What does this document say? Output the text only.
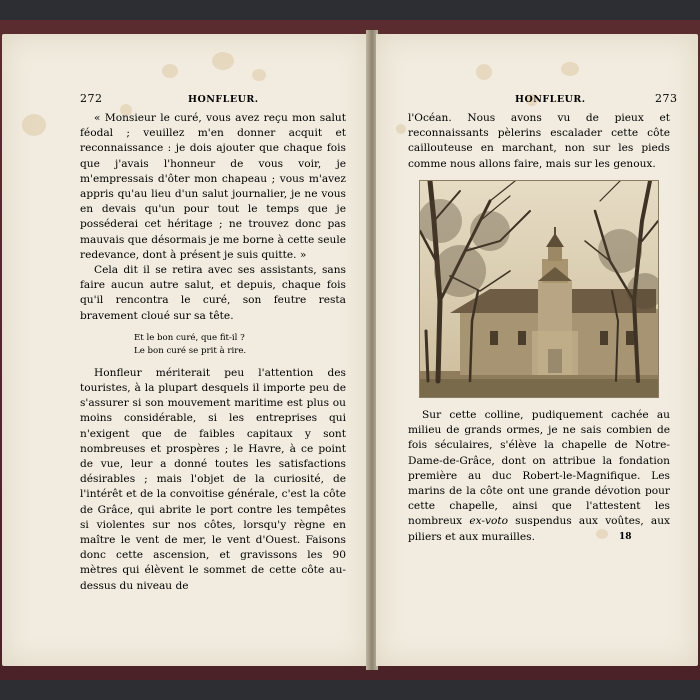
272	HONFLEUR.

« Monsieur le curé, vous avez reçu mon salut féodal ; veuillez m'en donner acquit et reconnaissance : je dois ajouter que chaque fois que j'avais l'honneur de vous voir, je m'empressais d'ôter mon chapeau ; vous m'avez appris qu'au lieu d'un salut journalier, je ne vous en devais qu'un pour tout le temps que je posséderai cet héritage ; ne trouvez donc pas mauvais que désormais je me borne à cette seule redevance, dont à présent je suis quitte. »

Cela dit il se retira avec ses assistants, sans faire aucun autre salut, et depuis, chaque fois qu'il rencontra le curé, son feutre resta bravement cloué sur sa tête.

Et le bon curé, que fit-il ?
Le bon curé se prit à rire.

Honfleur mériterait peu l'attention des touristes, à la plupart desquels il importe peu de s'assurer si son mouvement maritime est plus ou moins considérable, si les entreprises qui n'exigent que de faibles capitaux y sont nombreuses et prospères ; le Havre, à ce point de vue, leur a donné toutes les satisfactions désirables ; mais l'objet de la curiosité, de l'intérêt et de la convoitise générale, c'est la côte de Grâce, qui abrite le port contre les tempêtes si violentes sur nos côtes, lorsqu'y règne en maître le vent de mer, le vent d'Ouest. Faisons donc cette ascension, et gravissons les 90 mètres qui élèvent le sommet de cette côte au-dessus du niveau de

HONFLEUR.	273

l'Océan. Nous avons vu de pieux et reconnaissants pèlerins escalader cette côte caillouteuse en marchant, non sur les pieds comme nous allons faire, mais sur les genoux.

Sur cette colline, pudiquement cachée au milieu de grands ormes, je ne sais combien de fois séculaires, s'élève la chapelle de Notre-Dame-de-Grâce, dont on attribue la fondation première au duc Robert-le-Magnifique. Les marins de la côte ont une grande dévotion pour cette chapelle, ainsi que l'attestent les nombreux ex-voto suspendus aux voûtes, aux piliers et aux murailles.	18
